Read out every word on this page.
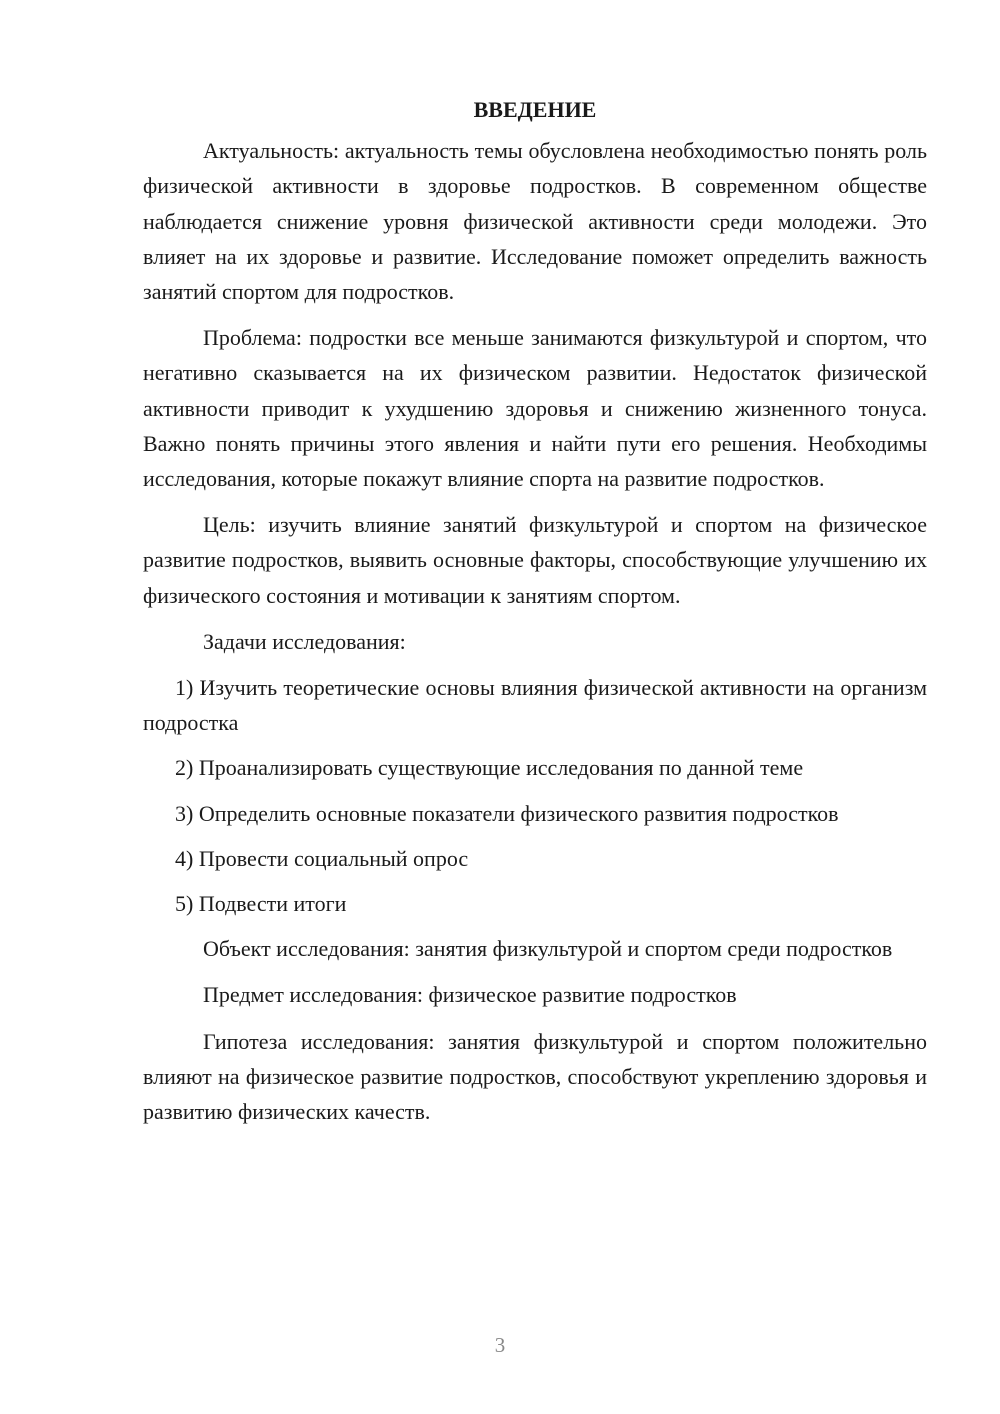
ВВЕДЕНИЕ

Актуальность: актуальность темы обусловлена необходимостью понять роль физической активности в здоровье подростков. В современном обществе наблюдается снижение уровня физической активности среди молодежи. Это влияет на их здоровье и развитие. Исследование поможет определить важность занятий спортом для подростков.

Проблема: подростки все меньше занимаются физкультурой и спортом, что негативно сказывается на их физическом развитии. Недостаток физической активности приводит к ухудшению здоровья и снижению жизненного тонуса. Важно понять причины этого явления и найти пути его решения. Необходимы исследования, которые покажут влияние спорта на развитие подростков.

Цель: изучить влияние занятий физкультурой и спортом на физическое развитие подростков, выявить основные факторы, способствующие улучшению их физического состояния и мотивации к занятиям спортом.

Задачи исследования:

1) Изучить теоретические основы влияния физической активности на организм подростка

2) Проанализировать существующие исследования по данной теме

3) Определить основные показатели физического развития подростков

4) Провести социальный опрос

5) Подвести итоги

Объект исследования: занятия физкультурой и спортом среди подростков

Предмет исследования: физическое развитие подростков

Гипотеза исследования: занятия физкультурой и спортом положительно влияют на физическое развитие подростков, способствуют укреплению здоровья и развитию физических качеств.

3
